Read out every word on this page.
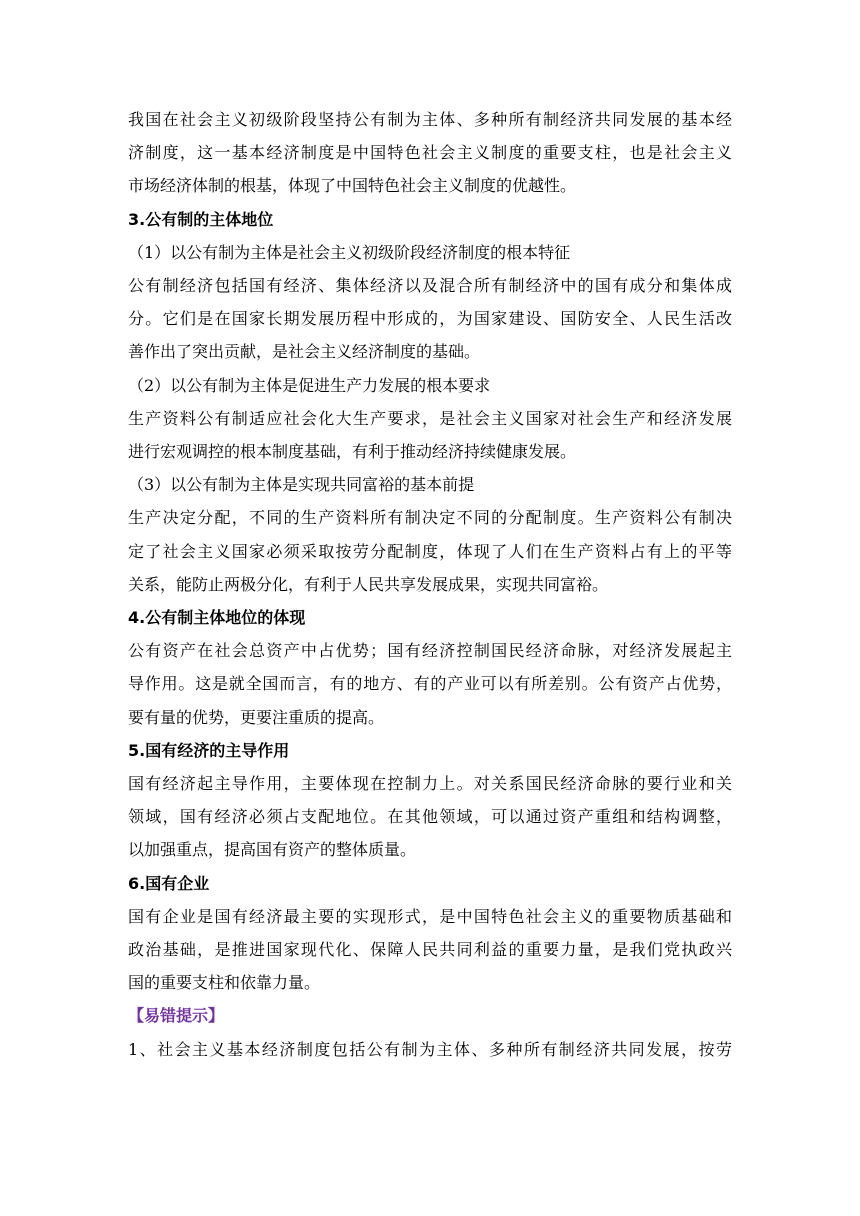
我国在社会主义初级阶段坚持公有制为主体、多种所有制经济共同发展的基本经
济制度，这一基本经济制度是中国特色社会主义制度的重要支柱，也是社会主义
市场经济体制的根基，体现了中国特色社会主义制度的优越性。

3.公有制的主体地位

（1）以公有制为主体是社会主义初级阶段经济制度的根本特征

公有制经济包括国有经济、集体经济以及混合所有制经济中的国有成分和集体成
分。它们是在国家长期发展历程中形成的，为国家建设、国防安全、人民生活改
善作出了突出贡献，是社会主义经济制度的基础。

（2）以公有制为主体是促进生产力发展的根本要求

生产资料公有制适应社会化大生产要求，是社会主义国家对社会生产和经济发展
进行宏观调控的根本制度基础，有利于推动经济持续健康发展。

（3）以公有制为主体是实现共同富裕的基本前提

生产决定分配，不同的生产资料所有制决定不同的分配制度。生产资料公有制决
定了社会主义国家必须采取按劳分配制度，体现了人们在生产资料占有上的平等
关系，能防止两极分化，有利于人民共享发展成果，实现共同富裕。

4.公有制主体地位的体现

公有资产在社会总资产中占优势；国有经济控制国民经济命脉，对经济发展起主
导作用。这是就全国而言，有的地方、有的产业可以有所差别。公有资产占优势，
要有量的优势，更要注重质的提高。

5.国有经济的主导作用

国有经济起主导作用，主要体现在控制力上。对关系国民经济命脉的要行业和关
领域，国有经济必须占支配地位。在其他领域，可以通过资产重组和结构调整，
以加强重点，提高国有资产的整体质量。

6.国有企业

国有企业是国有经济最主要的实现形式，是中国特色社会主义的重要物质基础和
政治基础，是推进国家现代化、保障人民共同利益的重要力量，是我们党执政兴
国的重要支柱和依靠力量。

【易错提示】

1、社会主义基本经济制度包括公有制为主体、多种所有制经济共同发展，按劳
